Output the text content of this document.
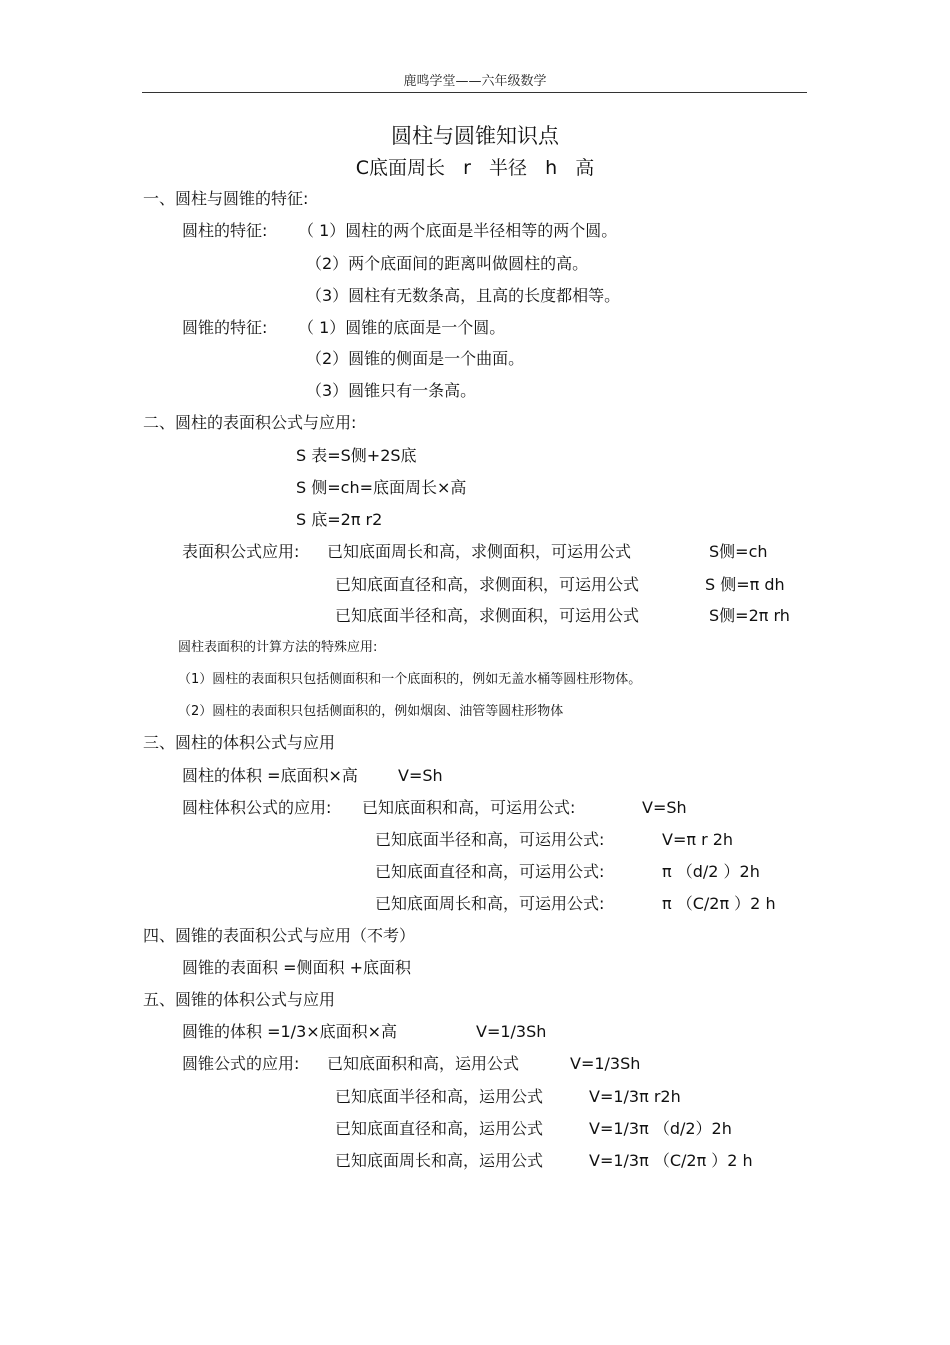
鹿鸣学堂——六年级数学
圆柱与圆锥知识点
C底面周长   r   半径   h   高
一、圆柱与圆锥的特征:
圆柱的特征: （ 1）圆柱的两个底面是半径相等的两个圆。
（2）两个底面间的距离叫做圆柱的高。
（3）圆柱有无数条高，且高的长度都相等。
圆锥的特征: （ 1）圆锥的底面是一个圆。
（2）圆锥的侧面是一个曲面。
（3）圆锥只有一条高。
二、圆柱的表面积公式与应用:
S 表=S侧+2S底
S 侧=ch=底面周长×高
S 底=2π r2
表面积公式应用: 已知底面周长和高，求侧面积，可运用公式	S侧=ch
已知底面直径和高，求侧面积，可运用公式	S 侧=π dh
已知底面半径和高，求侧面积，可运用公式	S侧=2π rh
圆柱表面积的计算方法的特殊应用:
（1）圆柱的表面积只包括侧面积和一个底面积的，例如无盖水桶等圆柱形物体。
（2）圆柱的表面积只包括侧面积的，例如烟囱、油管等圆柱形物体
三、圆柱的体积公式与应用
圆柱的体积 =底面积×高	V=Sh
圆柱体积公式的应用: 已知底面积和高，可运用公式:	V=Sh
已知底面半径和高，可运用公式:	V=π r 2h
已知底面直径和高，可运用公式:	π （d/2 ）2h
已知底面周长和高，可运用公式:	π （C/2π ）2 h
四、圆锥的表面积公式与应用（不考）
圆锥的表面积 =侧面积 +底面积
五、圆锥的体积公式与应用
圆锥的体积 =1/3×底面积×高	V=1/3Sh
圆锥公式的应用: 已知底面积和高，运用公式	V=1/3Sh
已知底面半径和高，运用公式	V=1/3π r2h
已知底面直径和高，运用公式	V=1/3π （d/2）2h
已知底面周长和高，运用公式	V=1/3π （C/2π ）2 h
